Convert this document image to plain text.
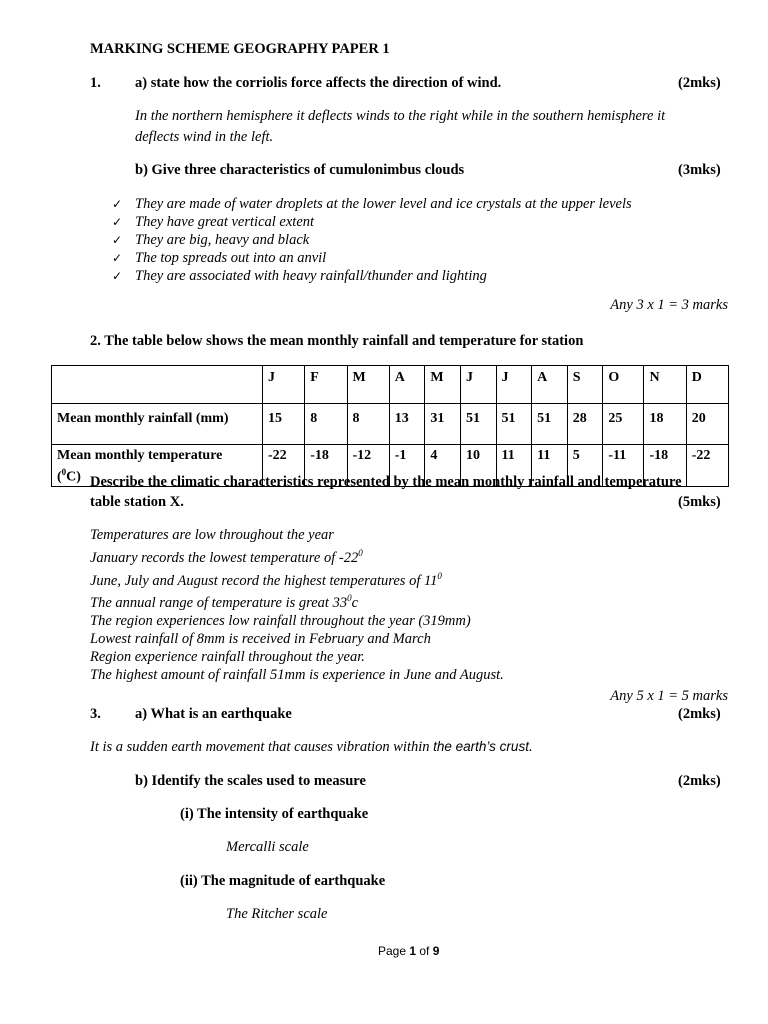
MARKING SCHEME GEOGRAPHY PAPER 1
1. a) state how the corriolis force affects the direction of wind.	(2mks)
In the northern hemisphere it deflects winds to the right while in the southern hemisphere it
deflects wind in the left.
b) Give three characteristics of cumulonimbus clouds	(3mks)
✓ They are made of water droplets at the lower level and ice crystals at the upper levels
✓ They have great vertical extent
✓ They are big, heavy and black
✓ The top spreads out into an anvil
✓ They are associated with heavy rainfall/thunder and lighting
Any 3 x 1 = 3 marks
2. The table below shows the mean monthly rainfall and temperature for station
	J	F	M	A	M	J	J	A	S	O	N	D
Mean monthly rainfall (mm)	15	8	8	13	31	51	51	51	28	25	18	20
Mean monthly temperature
($^0$C)	-22	-18	-12	-1	4	10	11	11	5	-11	-18	-22
Describe the climatic characteristics represented by the mean monthly rainfall and temperature
table station X.	(5mks)
Temperatures are low throughout the year
January records the lowest temperature of $-22^0$
June, July and August record the highest temperatures of $11^0$
The annual range of temperature is great $33^0c$
The region experiences low rainfall throughout the year (319mm)
Lowest rainfall of 8mm is received in February and March
Region experience rainfall throughout the year.
The highest amount of rainfall 51mm is experience in June and August.
Any 5 x 1 = 5 marks
3. a) What is an earthquake	(2mks)
It is a sudden earth movement that causes vibration within the earth’s crust.
b) Identify the scales used to measure	(2mks)
(i) The intensity of earthquake
Mercalli scale
(ii) The magnitude of earthquake
The Ritcher scale
Page 1 of 9
